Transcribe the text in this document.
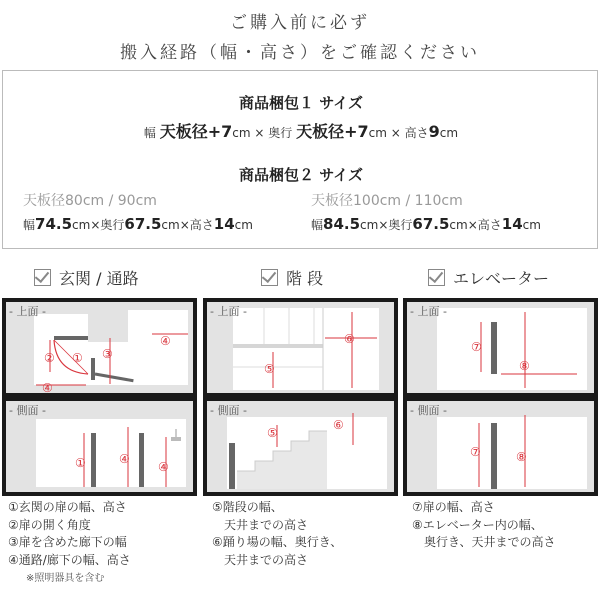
ご購入前に必ず
搬入経路（幅・高さ）をご確認ください
商品梱包１ サイズ
幅 天板径+7cm × 奥行 天板径+7cm × 高さ9cm
商品梱包２ サイズ
天板径80cm / 90cm
幅74.5cm×奥行67.5cm×高さ14cm
天板径100cm / 110cm
幅84.5cm×奥行67.5cm×高さ14cm
玄関 / 通路	階 段	エレベーター
- 上面 -
② ①
④
③
④
- 側面 -
①	④
④
- 上面 -
⑤
⑥
- 側面 -
⑤
⑥
- 上面 -
⑦
⑧
- 側面 -
⑦	⑧
①玄関の扉の幅、高さ
②扉の開く角度
③扉を含めた廊下の幅
④通路/廊下の幅、高さ
※照明器具を含む
⑤階段の幅、
　天井までの高さ
⑥踊り場の幅、奥行き、
　天井までの高さ
⑦扉の幅、高さ
⑧エレベーター内の幅、
　奥行き、天井までの高さ
